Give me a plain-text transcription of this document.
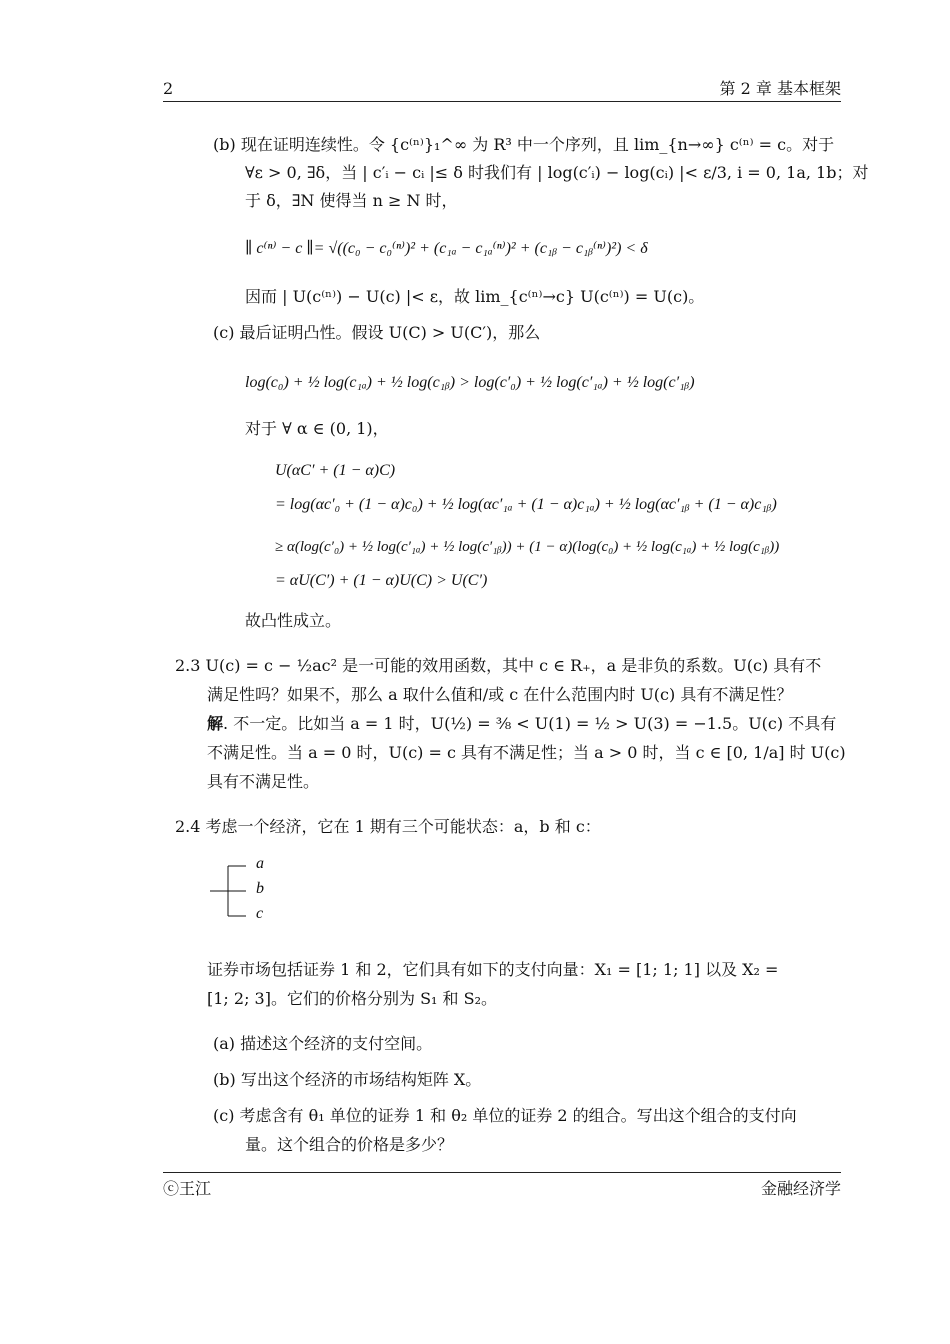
2	第 2 章 基本框架
(b) 现在证明连续性。令 {c⁽ⁿ⁾}₁^∞ 为 R³ 中一个序列，且 lim_{n→∞} c⁽ⁿ⁾ = c。对于
∀ε > 0, ∃δ，当 | c′ᵢ − cᵢ |≤ δ 时我们有 | log(c′ᵢ) − log(cᵢ) |< ε/3, i = 0, 1a, 1b；对
于 δ，∃N 使得当 n ≥ N 时，
∥ c⁽ⁿ⁾ − c ∥= √((c₀ − c₀⁽ⁿ⁾)² + (c₁ₐ − c₁ₐ⁽ⁿ⁾)² + (c₁ᵦ − c₁ᵦ⁽ⁿ⁾)²) < δ
因而 | U(c⁽ⁿ⁾) − U(c) |< ε，故 lim_{c⁽ⁿ⁾→c} U(c⁽ⁿ⁾) = U(c)。
(c) 最后证明凸性。假设 U(C) > U(C′)，那么
log(c₀) + ½ log(c₁ₐ) + ½ log(c₁ᵦ) > log(c′₀) + ½ log(c′₁ₐ) + ½ log(c′₁ᵦ)
对于 ∀ α ∈ (0, 1)，
U(αC′ + (1 − α)C)
= log(αc′₀ + (1 − α)c₀) + ½ log(αc′₁ₐ + (1 − α)c₁ₐ) + ½ log(αc′₁ᵦ + (1 − α)c₁ᵦ)
≥ α(log(c′₀) + ½ log(c′₁ₐ) + ½ log(c′₁ᵦ)) + (1 − α)(log(c₀) + ½ log(c₁ₐ) + ½ log(c₁ᵦ))
= αU(C′) + (1 − α)U(C) > U(C′)
故凸性成立。
2.3 U(c) = c − ½ac² 是一可能的效用函数，其中 c ∈ R₊，a 是非负的系数。U(c) 具有不
满足性吗？如果不，那么 a 取什么值和/或 c 在什么范围内时 U(c) 具有不满足性？
解. 不一定。比如当 a = 1 时，U(½) = ⅜ < U(1) = ½ > U(3) = −1.5。U(c) 不具有
不满足性。当 a = 0 时，U(c) = c 具有不满足性；当 a > 0 时，当 c ∈ [0, 1/a] 时 U(c)
具有不满足性。
2.4 考虑一个经济，它在 1 期有三个可能状态：a，b 和 c：
a
b
c
证券市场包括证券 1 和 2，它们具有如下的支付向量：X₁ = [1; 1; 1] 以及 X₂ =
[1; 2; 3]。它们的价格分别为 S₁ 和 S₂。
(a) 描述这个经济的支付空间。
(b) 写出这个经济的市场结构矩阵 X。
(c) 考虑含有 θ₁ 单位的证券 1 和 θ₂ 单位的证券 2 的组合。写出这个组合的支付向
量。这个组合的价格是多少？
ⓒ王江	金融经济学
